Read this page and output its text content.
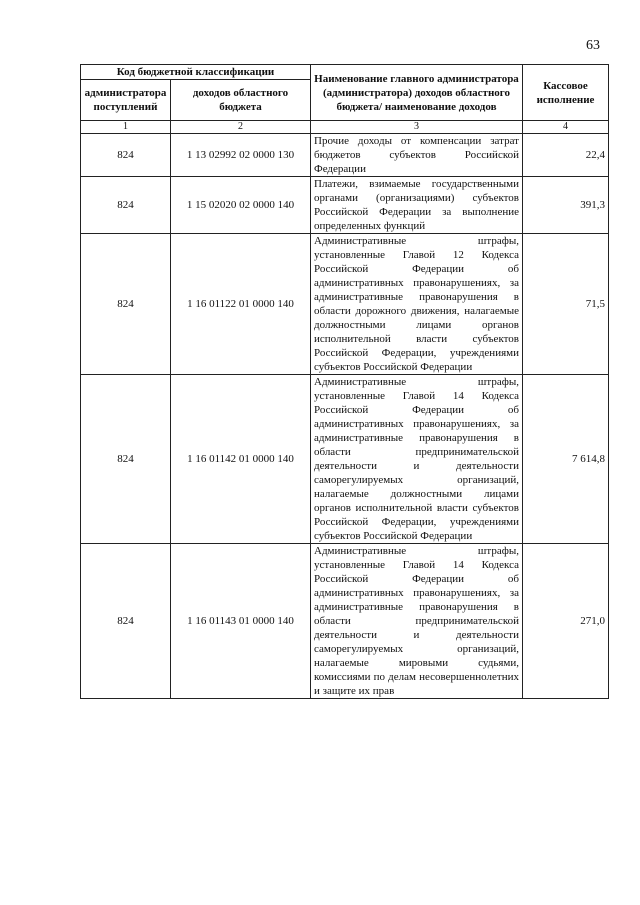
63
Код бюджетной классификации		Наименование главного администратора (администратора) доходов областного бюджета/ наименование доходов	Кассовое исполнение
администратора поступлений	доходов областного бюджета		
1	2	3	4
824	1 13 02992 02 0000 130	Прочие доходы от компенсации затрат бюджетов субъектов Российской Федерации	22,4
824	1 15 02020 02 0000 140	Платежи, взимаемые государственными органами (организациями) субъектов Российской Федерации за выполнение определенных функций	391,3
824	1 16 01122 01 0000 140	Административные штрафы, установленные Главой 12 Кодекса Российской Федерации об административных правонарушениях, за административные правонарушения в области дорожного движения, налагаемые должностными лицами органов исполнительной власти субъектов Российской Федерации, учреждениями субъектов Российской Федерации	71,5
824	1 16 01142 01 0000 140	Административные штрафы, установленные Главой 14 Кодекса Российской Федерации об административных правонарушениях, за административные правонарушения в области предпринимательской деятельности и деятельности саморегулируемых организаций, налагаемые должностными лицами органов исполнительной власти субъектов Российской Федерации, учреждениями субъектов Российской Федерации	7 614,8
824	1 16 01143 01 0000 140	Административные штрафы, установленные Главой 14 Кодекса Российской Федерации об административных правонарушениях, за административные правонарушения в области предпринимательской деятельности и деятельности саморегулируемых организаций, налагаемые мировыми судьями, комиссиями по делам несовершеннолетних и защите их прав	271,0
